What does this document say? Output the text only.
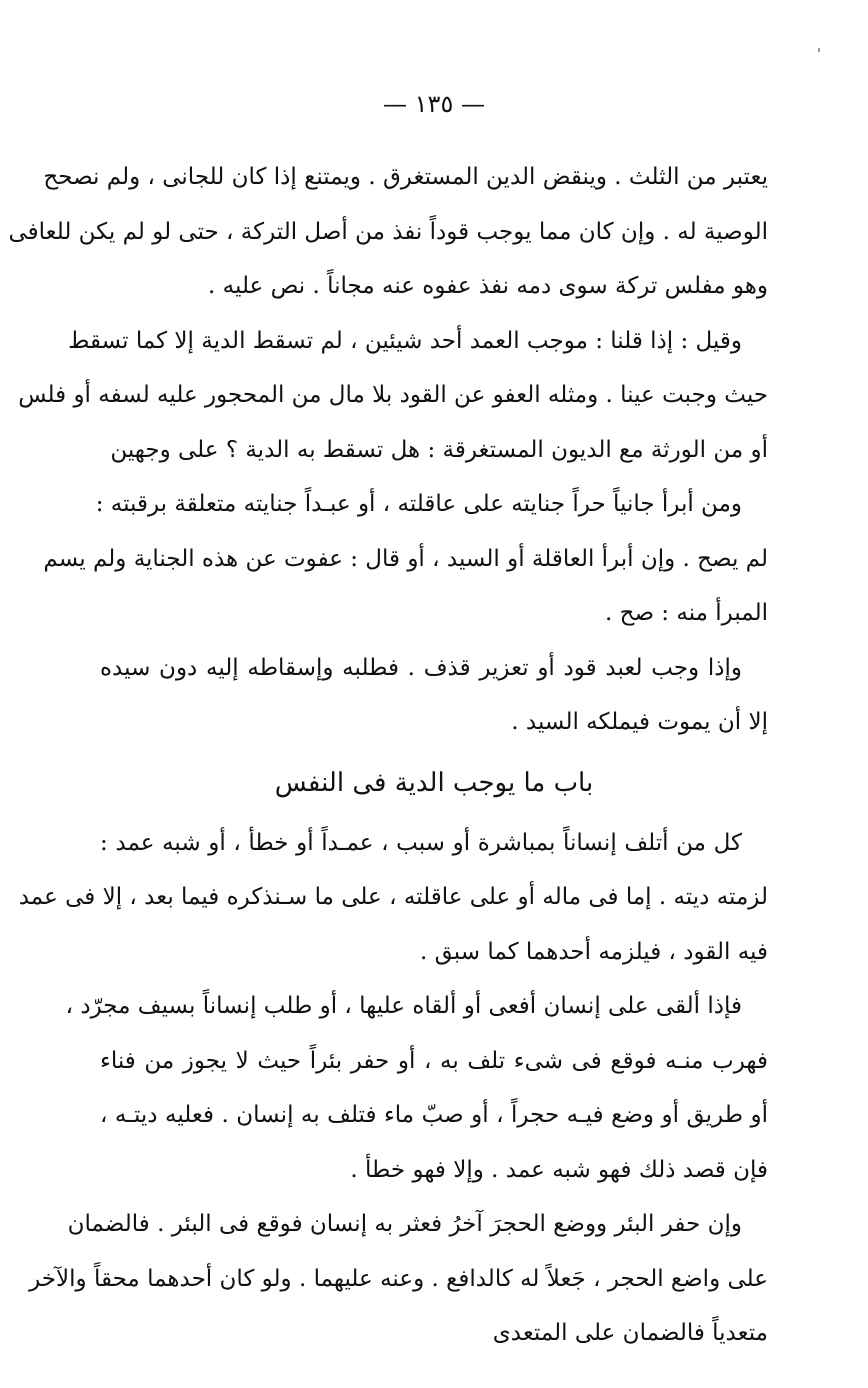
— ١٣٥ —
يعتبر من الثلث . وينقض الدين المستغرق . ويمتنع إذا كان للجانى ، ولم نصحح
الوصية له . وإن كان مما يوجب قوداً نفذ من أصل التركة ، حتى لو لم يكن للعافى
وهو مفلس تركة سوى دمه نفذ عفوه عنه مجاناً . نص عليه .
وقيل : إذا قلنا : موجب العمد أحد شيئين ، لم تسقط الدية إلا كما تسقط
حيث وجبت عينا . ومثله العفو عن القود بلا مال من المحجور عليه لسفه أو فلس
أو من الورثة مع الديون المستغرقة : هل تسقط به الدية ؟ على وجهين
ومن أبرأ جانياً حراً جنايته على عاقلته ، أو عبـداً جنايته متعلقة برقبته :
لم يصح . وإن أبرأ العاقلة أو السيد ، أو قال : عفوت عن هذه الجناية ولم يسم
المبرأ منه : صح .
وإذا وجب لعبد قود أو تعزير قذف . فطلبه وإسقاطه إليه دون سيده
إلا أن يموت فيملكه السيد .
باب ما يوجب الدية فى النفس
كل من أتلف إنساناً بمباشرة أو سبب ، عمـداً أو خطأ ، أو شبه عمد :
لزمته ديته . إما فى ماله أو على عاقلته ، على ما سـنذكره فيما بعد ، إلا فى عمد
فيه القود ، فيلزمه أحدهما كما سبق .
فإذا ألقى على إنسان أفعى أو ألقاه عليها ، أو طلب إنساناً بسيف مجرّد ،
فهرب منـه فوقع فى شىء تلف به ، أو حفر بئراً حيث لا يجوز من فناء
أو طريق أو وضع فيـه حجراً ، أو صبّ ماء فتلف به إنسان . فعليه ديتـه ،
فإن قصد ذلك فهو شبه عمد . وإلا فهو خطأ .
وإن حفر البئر ووضع الحجرَ آخرُ فعثر به إنسان فوقع فى البئر . فالضمان
على واضع الحجر ، جَعلاً له كالدافع . وعنه عليهما . ولو كان أحدهما محقاً والآخر
متعدياً فالضمان على المتعدى
